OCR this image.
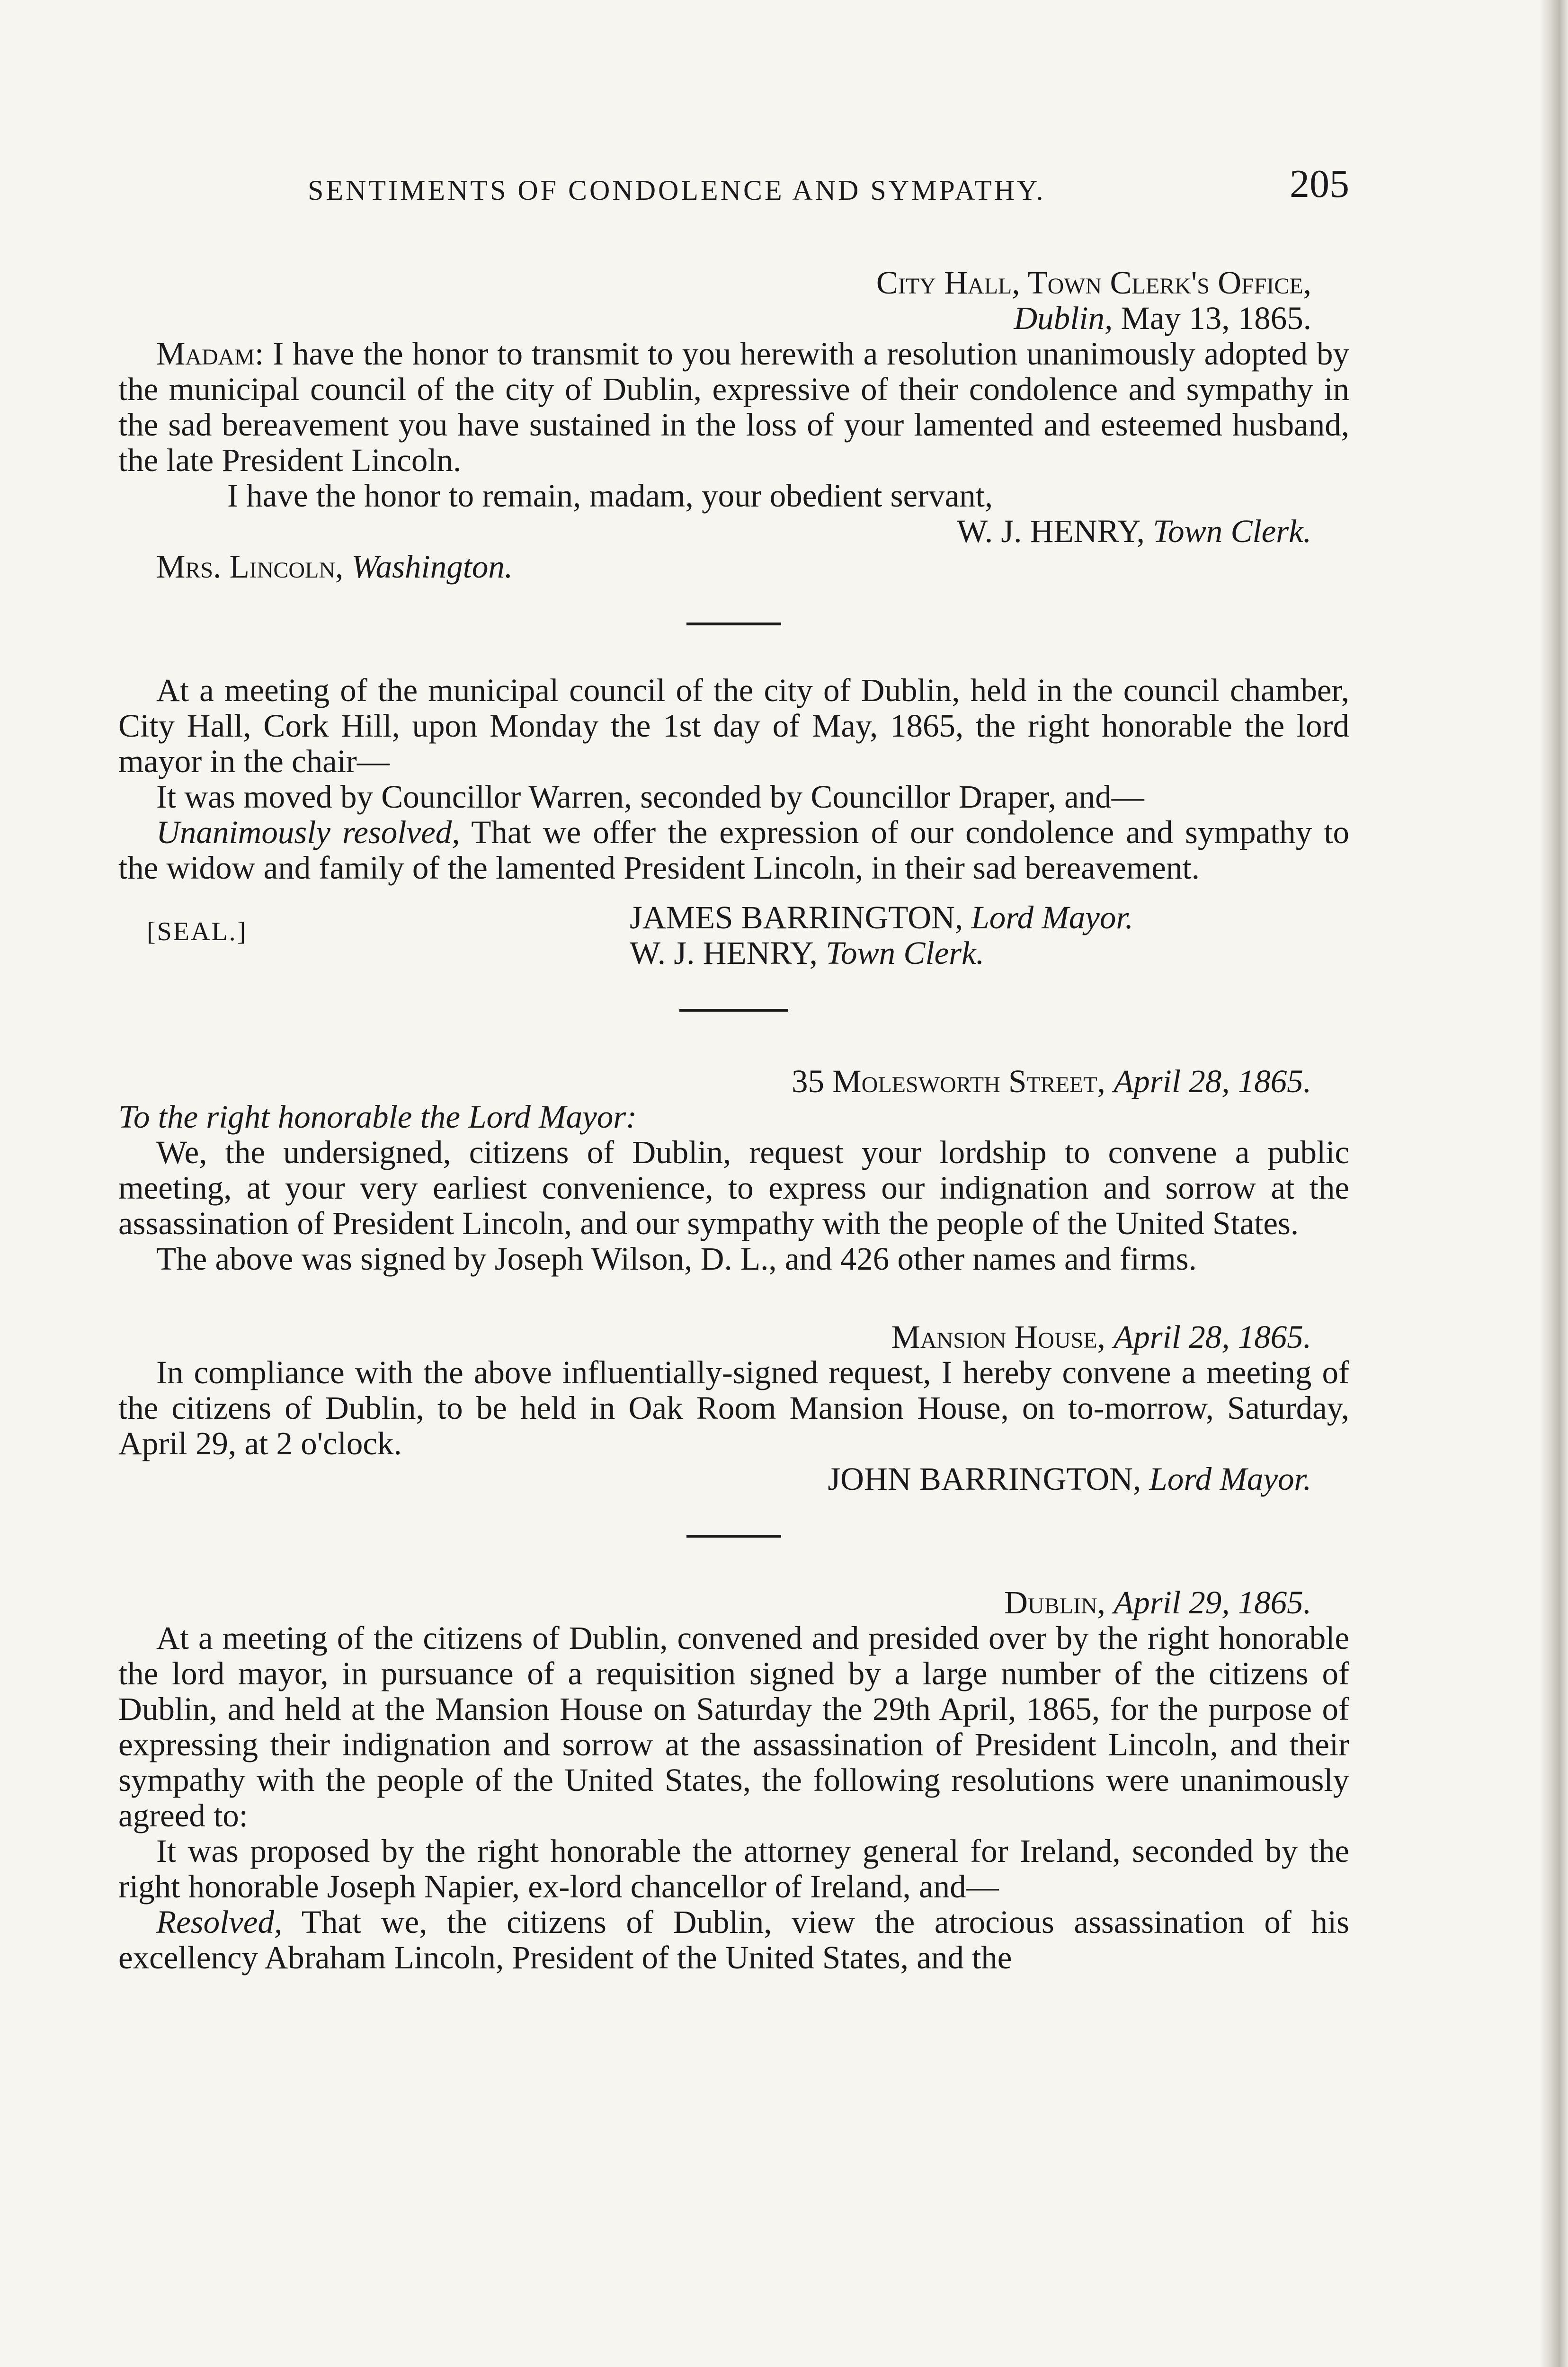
SENTIMENTS OF CONDOLENCE AND SYMPATHY.	205

City Hall, Town Clerk's Office,

Dublin, May 13, 1865.

Madam: I have the honor to transmit to you herewith a resolution unanimously adopted by the municipal council of the city of Dublin, expressive of their condolence and sympathy in the sad bereavement you have sustained in the loss of your lamented and esteemed husband, the late President Lincoln.

I have the honor to remain, madam, your obedient servant,

W. J. HENRY, Town Clerk.

Mrs. Lincoln, Washington.

At a meeting of the municipal council of the city of Dublin, held in the council chamber, City Hall, Cork Hill, upon Monday the 1st day of May, 1865, the right honorable the lord mayor in the chair—

It was moved by Councillor Warren, seconded by Councillor Draper, and—

Unanimously resolved, That we offer the expression of our condolence and sympathy to the widow and family of the lamented President Lincoln, in their sad bereavement.

[SEAL.]	JAMES BARRINGTON, Lord Mayor.
W. J. HENRY, Town Clerk.

35 Molesworth Street, April 28, 1865.

To the right honorable the Lord Mayor:

We, the undersigned, citizens of Dublin, request your lordship to convene a public meeting, at your very earliest convenience, to express our indignation and sorrow at the assassination of President Lincoln, and our sympathy with the people of the United States.

The above was signed by Joseph Wilson, D. L., and 426 other names and firms.

Mansion House, April 28, 1865.

In compliance with the above influentially-signed request, I hereby convene a meeting of the citizens of Dublin, to be held in Oak Room Mansion House, on to-morrow, Saturday, April 29, at 2 o'clock.

JOHN BARRINGTON, Lord Mayor.

Dublin, April 29, 1865.

At a meeting of the citizens of Dublin, convened and presided over by the right honorable the lord mayor, in pursuance of a requisition signed by a large number of the citizens of Dublin, and held at the Mansion House on Saturday the 29th April, 1865, for the purpose of expressing their indignation and sorrow at the assassination of President Lincoln, and their sympathy with the people of the United States, the following resolutions were unanimously agreed to:

It was proposed by the right honorable the attorney general for Ireland, seconded by the right honorable Joseph Napier, ex-lord chancellor of Ireland, and—

Resolved, That we, the citizens of Dublin, view the atrocious assassination of his excellency Abraham Lincoln, President of the United States, and the
